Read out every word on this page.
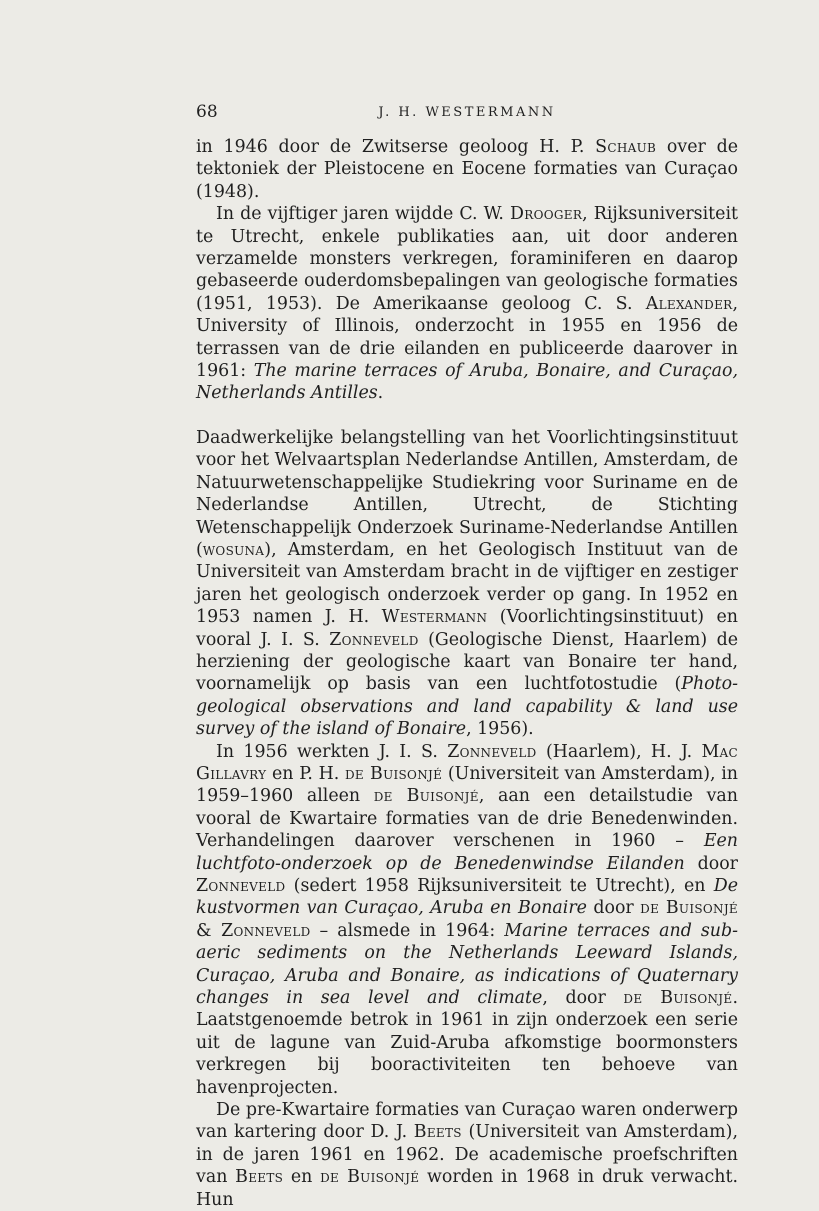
68	J. H. WESTERMANN

in 1946 door de Zwitserse geoloog H. P. Schaub over de tektoniek der Pleistocene en Eocene formaties van Curaçao (1948).

In de vijftiger jaren wijdde C. W. Drooger, Rijksuniversiteit te Utrecht, enkele publikaties aan, uit door anderen verzamelde monsters verkregen, foraminiferen en daarop gebaseerde ouderdomsbepalingen van geologische formaties (1951, 1953). De Amerikaanse geoloog C. S. Alexander, University of Illinois, onderzocht in 1955 en 1956 de terrassen van de drie eilanden en publiceerde daarover in 1961: The marine terraces of Aruba, Bonaire, and Curaçao, Netherlands Antilles.

Daadwerkelijke belangstelling van het Voorlichtingsinstituut voor het Welvaartsplan Nederlandse Antillen, Amsterdam, de Natuurwetenschappelijke Studiekring voor Suriname en de Nederlandse Antillen, Utrecht, de Stichting Wetenschappelijk Onderzoek Suriname-Nederlandse Antillen (wosuna), Amsterdam, en het Geologisch Instituut van de Universiteit van Amsterdam bracht in de vijftiger en zestiger jaren het geologisch onderzoek verder op gang. In 1952 en 1953 namen J. H. Westermann (Voorlichtingsinstituut) en vooral J. I. S. Zonneveld (Geologische Dienst, Haarlem) de herziening der geologische kaart van Bonaire ter hand, voornamelijk op basis van een luchtfotostudie (Photo-geological observations and land capability & land use survey of the island of Bonaire, 1956).

In 1956 werkten J. I. S. Zonneveld (Haarlem), H. J. Mac Gillavry en P. H. de Buisonjé (Universiteit van Amsterdam), in 1959–1960 alleen de Buisonjé, aan een detailstudie van vooral de Kwartaire formaties van de drie Benedenwinden. Verhandelingen daarover verschenen in 1960 – Een luchtfoto-onderzoek op de Benedenwindse Eilanden door Zonneveld (sedert 1958 Rijksuniversiteit te Utrecht), en De kustvormen van Curaçao, Aruba en Bonaire door de Buisonjé & Zonneveld – alsmede in 1964: Marine terraces and sub-aeric sediments on the Netherlands Leeward Islands, Curaçao, Aruba and Bonaire, as indications of Quaternary changes in sea level and climate, door de Buisonjé. Laatstgenoemde betrok in 1961 in zijn onderzoek een serie uit de lagune van Zuid-Aruba afkomstige boormonsters verkregen bij booractiviteiten ten behoeve van havenprojecten.

De pre-Kwartaire formaties van Curaçao waren onderwerp van kartering door D. J. Beets (Universiteit van Amsterdam), in de jaren 1961 en 1962. De academische proefschriften van Beets en de Buisonjé worden in 1968 in druk verwacht. Hun
